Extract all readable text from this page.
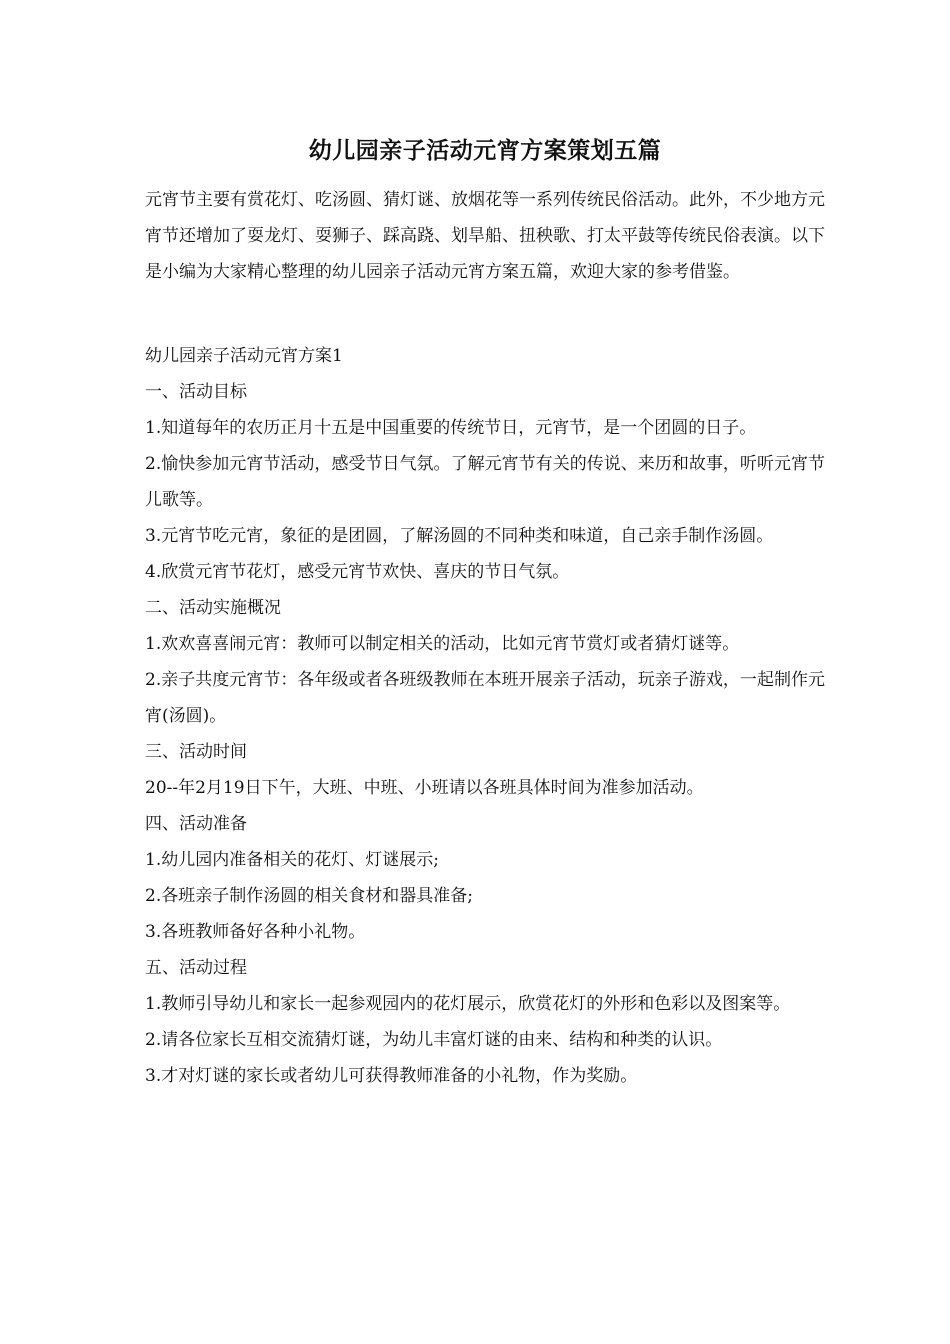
幼儿园亲子活动元宵方案策划五篇

元宵节主要有赏花灯、吃汤圆、猜灯谜、放烟花等一系列传统民俗活动。此外，不少地方元宵节还增加了耍龙灯、耍狮子、踩高跷、划旱船、扭秧歌、打太平鼓等传统民俗表演。以下是小编为大家精心整理的幼儿园亲子活动元宵方案五篇，欢迎大家的参考借鉴。

幼儿园亲子活动元宵方案1

一、活动目标

1.知道每年的农历正月十五是中国重要的传统节日，元宵节，是一个团圆的日子。

2.愉快参加元宵节活动，感受节日气氛。了解元宵节有关的传说、来历和故事，听听元宵节儿歌等。

3.元宵节吃元宵，象征的是团圆，了解汤圆的不同种类和味道，自己亲手制作汤圆。

4.欣赏元宵节花灯，感受元宵节欢快、喜庆的节日气氛。

二、活动实施概况

1.欢欢喜喜闹元宵：教师可以制定相关的活动，比如元宵节赏灯或者猜灯谜等。

2.亲子共度元宵节：各年级或者各班级教师在本班开展亲子活动，玩亲子游戏，一起制作元宵(汤圆)。

三、活动时间

20--年2月19日下午，大班、中班、小班请以各班具体时间为准参加活动。

四、活动准备

1.幼儿园内准备相关的花灯、灯谜展示;

2.各班亲子制作汤圆的相关食材和器具准备;

3.各班教师备好各种小礼物。

五、活动过程

1.教师引导幼儿和家长一起参观园内的花灯展示，欣赏花灯的外形和色彩以及图案等。

2.请各位家长互相交流猜灯谜，为幼儿丰富灯谜的由来、结构和种类的认识。

3.才对灯谜的家长或者幼儿可获得教师准备的小礼物，作为奖励。
